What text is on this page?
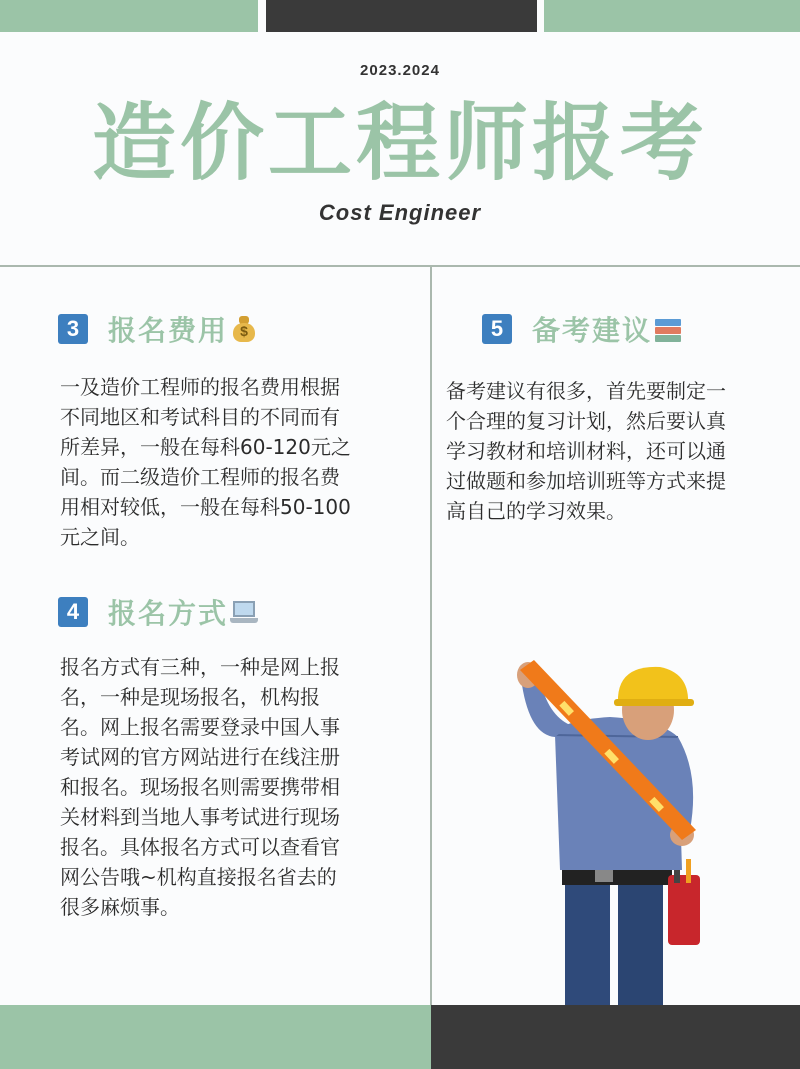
2023.2024
造价工程师报考
Cost Engineer
3	报名费用 $

一及造价工程师的报名费用根据
不同地区和考试科目的不同而有
所差异，一般在每科60-120元之
间。而二级造价工程师的报名费
用相对较低，一般在每科50-100
元之间。

4	报名方式

报名方式有三种，一种是网上报
名，一种是现场报名，机构报
名。网上报名需要登录中国人事
考试网的官方网站进行在线注册
和报名。现场报名则需要携带相
关材料到当地人事考试进行现场
报名。具体报名方式可以查看官
网公告哦~机构直接报名省去的
很多麻烦事。

5	备考建议

备考建议有很多，首先要制定一
个合理的复习计划，然后要认真
学习教材和培训材料，还可以通
过做题和参加培训班等方式来提
高自己的学习效果。
